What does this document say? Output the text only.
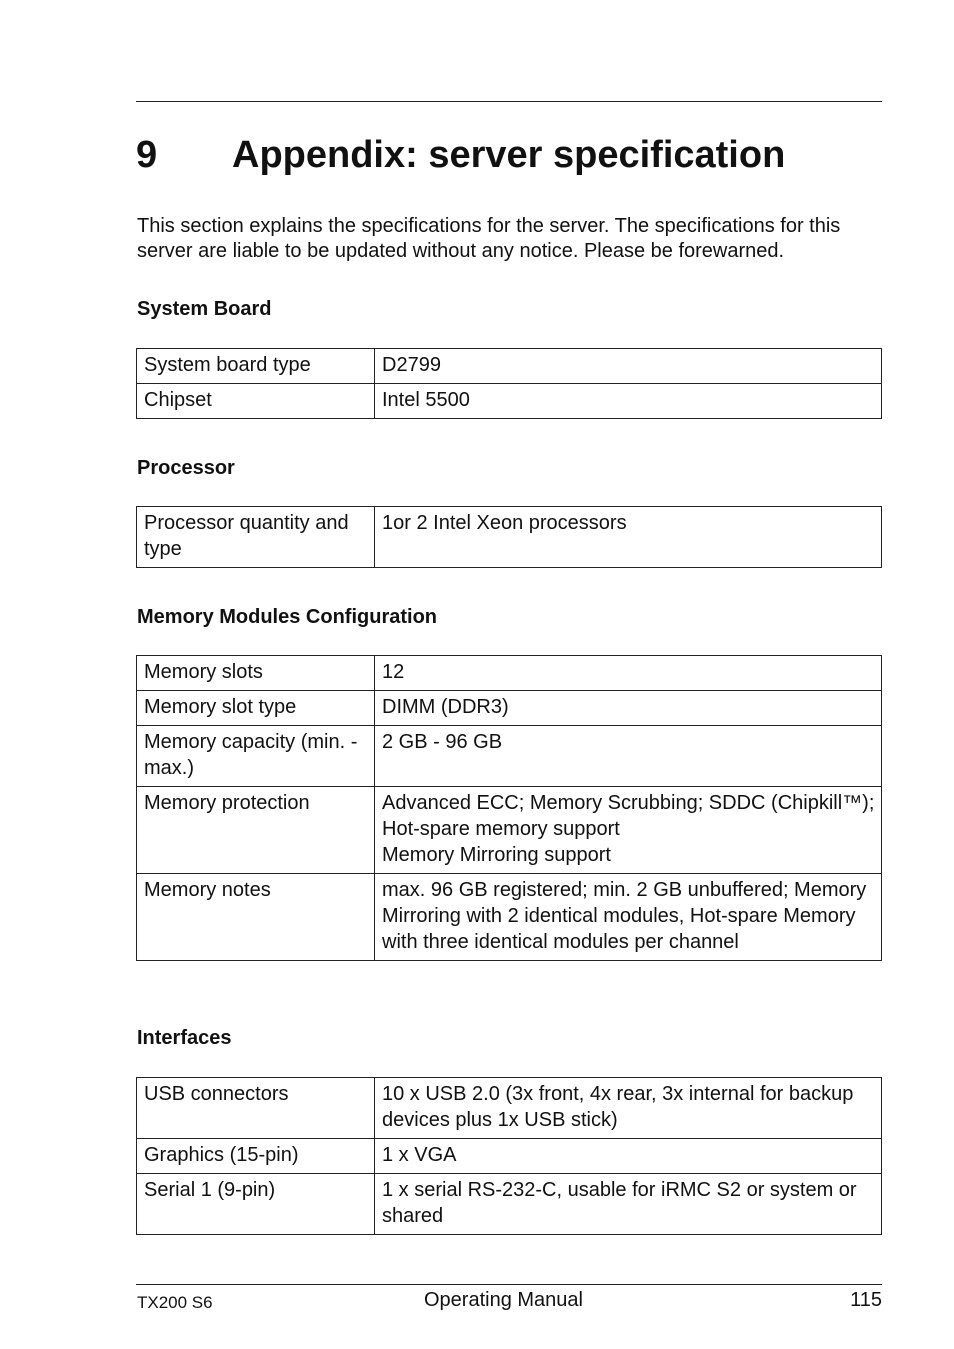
9 Appendix: server specification

This section explains the specifications for the server. The specifications for this server are liable to be updated without any notice. Please be forewarned.

System Board
System board type	D2799
Chipset	Intel 5500
Processor
Processor quantity and type	1or 2 Intel Xeon processors
Memory Modules Configuration
Memory slots	12
Memory slot type	DIMM (DDR3)
Memory capacity (min. - max.)	2 GB - 96 GB
Memory protection	Advanced ECC; Memory Scrubbing; SDDC (Chipkill™); Hot-spare memory support
Memory Mirroring support

Memory notes	max. 96 GB registered; min. 2 GB unbuffered; Memory Mirroring with 2 identical modules, Hot-spare Memory with three identical modules per channel
Interfaces
USB connectors	10 x USB 2.0 (3x front, 4x rear, 3x internal for backup devices plus 1x USB stick)
Graphics (15-pin)	1 x VGA
Serial 1 (9-pin)	1 x serial RS-232-C, usable for iRMC S2 or system or shared
TX200 S6	Operating Manual	115
